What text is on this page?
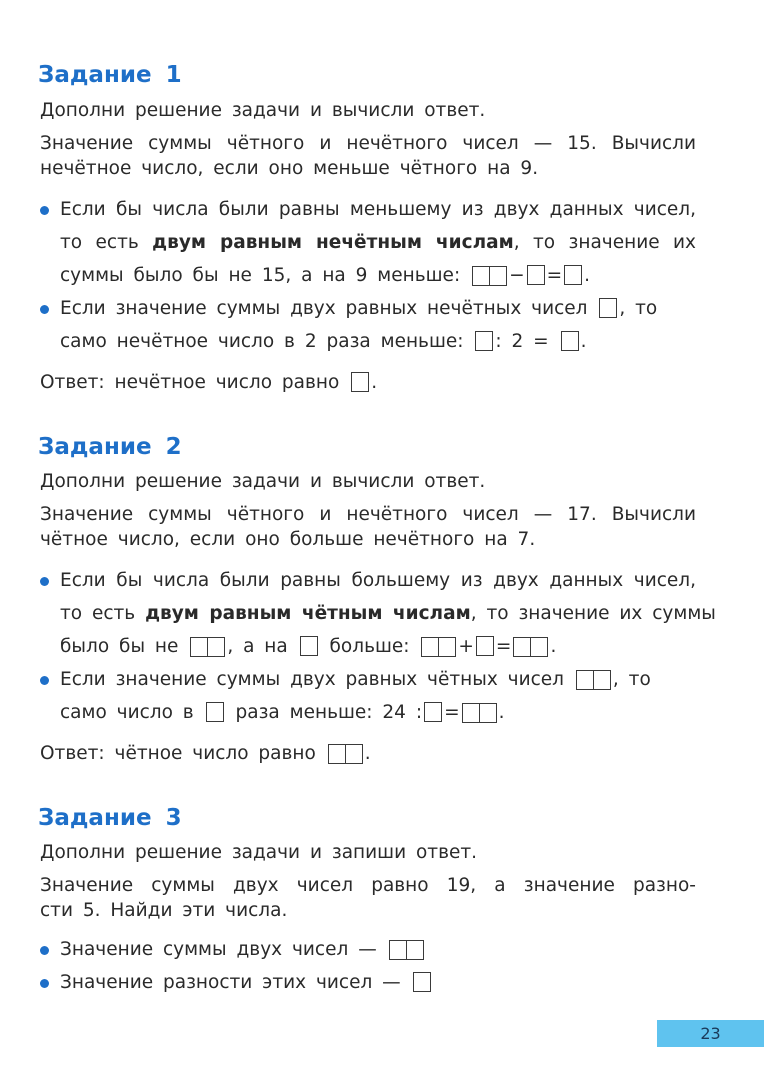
Задание 1
Дополни решение задачи и вычисли ответ.
Значение суммы чётного и нечётного чисел — 15. Вычисли
нечётное число, если оно меньше чётного на 9.
Если бы числа были равны меньшему из двух данных чисел,
то есть двум равным нечётным числам, то значение их
суммы было бы не 15, а на 9 меньше:	− = .
Если значение суммы двух равных нечётных чисел , то
само нечётное число в 2 раза меньше: : 2 = .
Ответ: нечётное число равно .
Задание 2
Дополни решение задачи и вычисли ответ.
Значение суммы чётного и нечётного чисел — 17. Вычисли
чётное число, если оно больше нечётного на 7.
Если бы числа были равны большему из двух данных чисел,
то есть двум равным чётным числам, то значение их суммы
было бы не	, а на больше:	+ = .
Если значение суммы двух равных чётных чисел	, то
само число в раза меньше: 24 : = .
Ответ: чётное число равно	.
Задание 3
Дополни решение задачи и запиши ответ.
Значение суммы двух чисел равно 19, а значение разно-
сти 5. Найди эти числа.
Значение суммы двух чисел —
Значение разности этих чисел —
23
